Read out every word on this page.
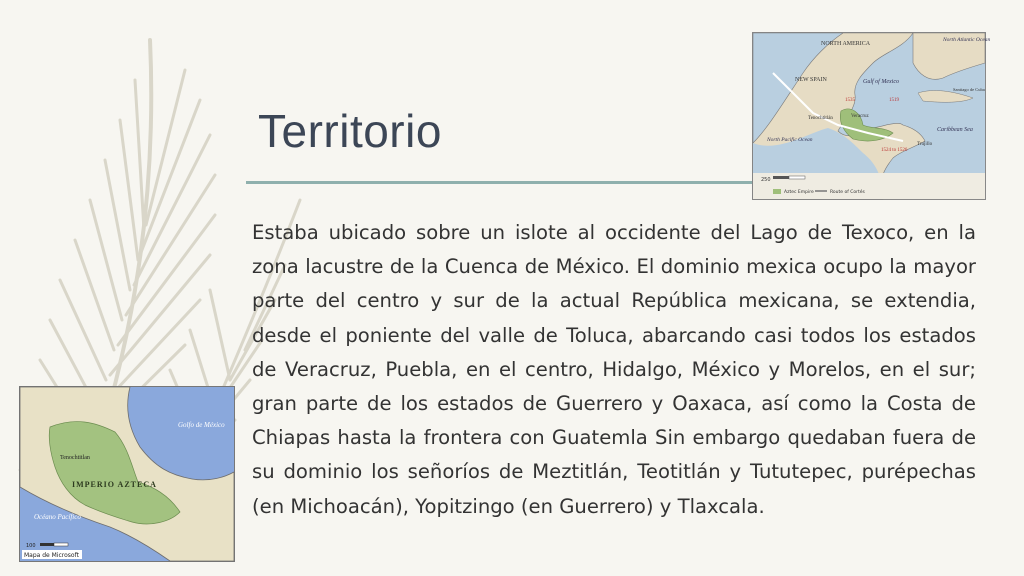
Territorio

Estaba ubicado sobre un islote al occidente del Lago de Texoco, en la zona lacustre de la Cuenca de México. El dominio mexica ocupo la mayor parte del centro y sur de la actual República mexicana, se extendia, desde el poniente del valle de Toluca, abarcando casi todos los estados de Veracruz, Puebla, en el centro, Hidalgo, México y Morelos, en el sur; gran parte de los estados de Guerrero y Oaxaca, así como la Costa de Chiapas hasta la frontera con Guatemla Sin embargo quedaban fuera de su dominio los señoríos de Meztitlán, Teotitlán y Tututepec, purépechas (en Michoacán), Yopitzingo (en Guerrero) y Tlaxcala.

NORTH AMERICA
North Atlantic Ocean
NEW SPAIN	Gulf of Mexico
1535	1519
Santiago de Cuba
Tenochtitlán	Veracruz
Caribbean Sea
North Pacific Ocean
Trujillo
1524 to 1526
250
Aztec Empire	Route of Cortés
Golfo de México
Tenochtitlan
IMPERIO AZTECA
Océano Pacífico
100
Mapa de Microsoft
